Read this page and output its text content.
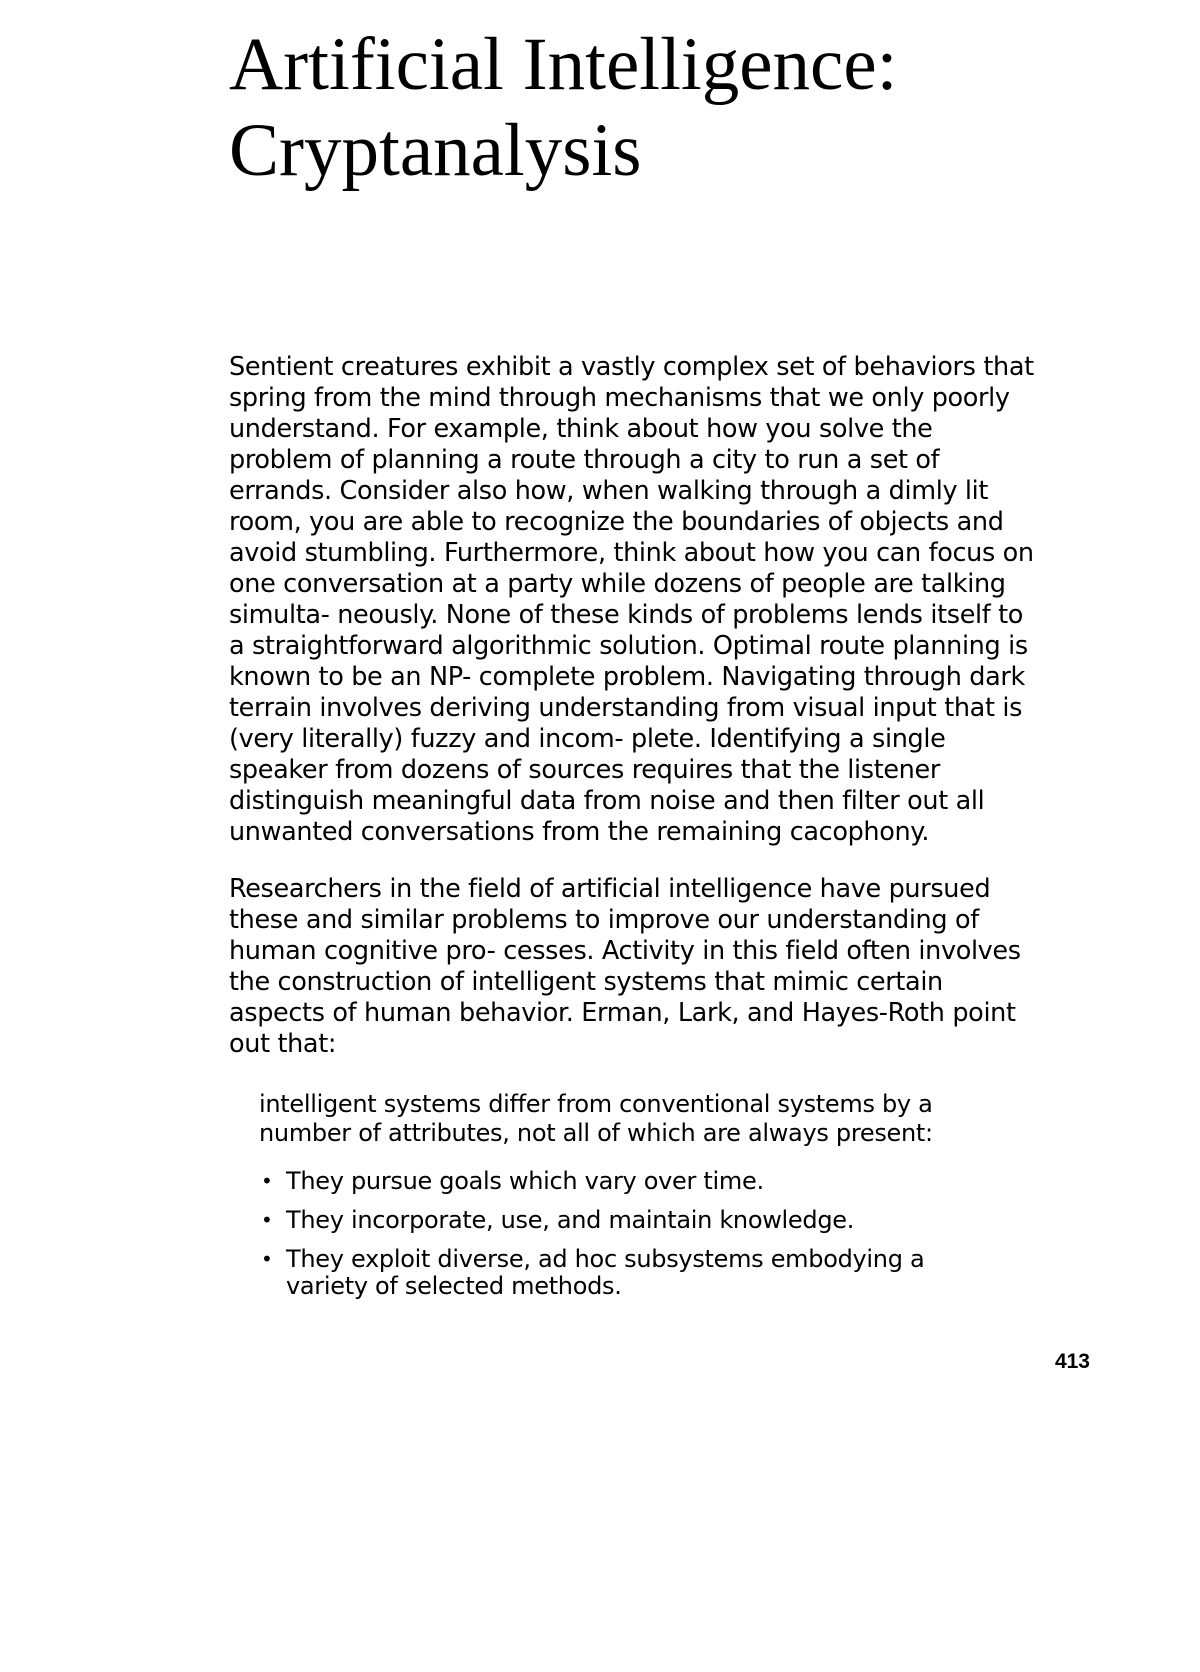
Artificial Intelligence:
Cryptanalysis

Sentient creatures exhibit a vastly complex set of behaviors that
spring from the mind through mechanisms that we only poorly
understand. For example, think about how you solve the
problem of planning a route through a city to run a set of
errands. Consider also how, when walking through a dimly lit
room, you are able to recognize the boundaries of objects and
avoid stumbling. Furthermore, think about how you can focus on
one conversation at a party while dozens of people are talking
simulta- neously. None of these kinds of problems lends itself to
a straightforward algorithmic solution. Optimal route planning is
known to be an NP- complete problem. Navigating through dark
terrain involves deriving understanding from visual input that is
(very literally) fuzzy and incom- plete. Identifying a single
speaker from dozens of sources requires that the listener
distinguish meaningful data from noise and then filter out all
unwanted conversations from the remaining cacophony.

Researchers in the field of artificial intelligence have pursued
these and similar problems to improve our understanding of
human cognitive pro- cesses. Activity in this field often involves
the construction of intelligent systems that mimic certain
aspects of human behavior. Erman, Lark, and Hayes-Roth point
out that:

intelligent systems differ from conventional systems by a
number of attributes, not all of which are always present:

• They pursue goals which vary over time.
• They incorporate, use, and maintain knowledge.
• They exploit diverse, ad hoc subsystems embodying a
variety of selected methods.
413
